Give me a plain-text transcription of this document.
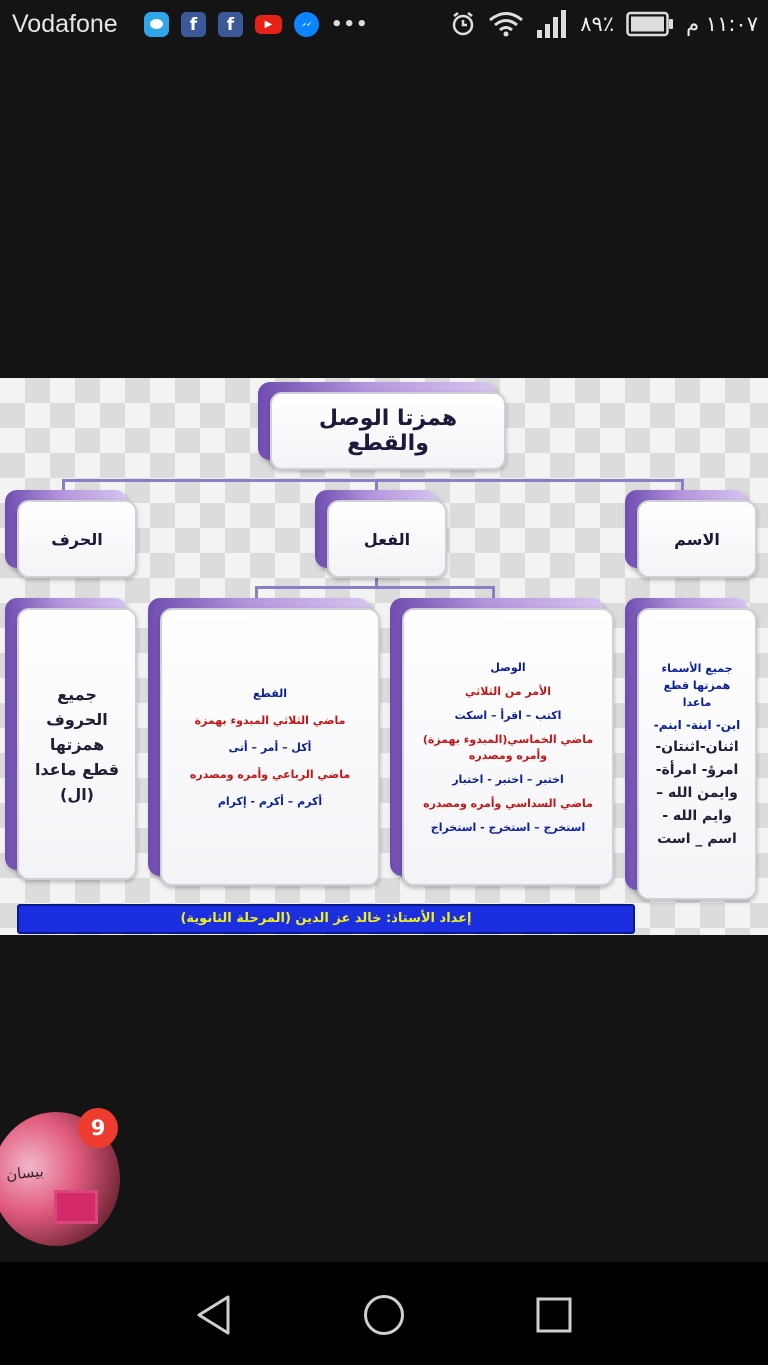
Vodafone	f	f	▶	•••	٨٩٪	١١:٠٧ م
همزتا الوصل والقطع
الحرف	الفعل	الاسم
جميع
الحروف
همزتها
قطع ماعدا
(ال)
القطع
ماضي الثلاثي المبدوء بهمزة
أكل – أمر – أتى
ماضي الرباعي وأمره ومصدره
أكرم – أكرم - إكرام
الوصل
الأمر من الثلاثي
اكتب – اقرأ – اسكت
ماضي الخماسي(المبدوء بهمزة)
وأمره ومصدره
اختبر – اختبر - اختبار
ماضي السداسي وأمره ومصدره
استخرج – استخرج - استخراج
جميع الأسماء همزتها قطع ماعدا
ابن- ابنة- ابنم-
اثنان-اثنتان-
امرؤ- امرأة-
وايمن الله –
وايم الله -
اسم _ است
إعداد الأستاذ: خالد عز الدين (المرحلة الثانوية)
بيسان
9
